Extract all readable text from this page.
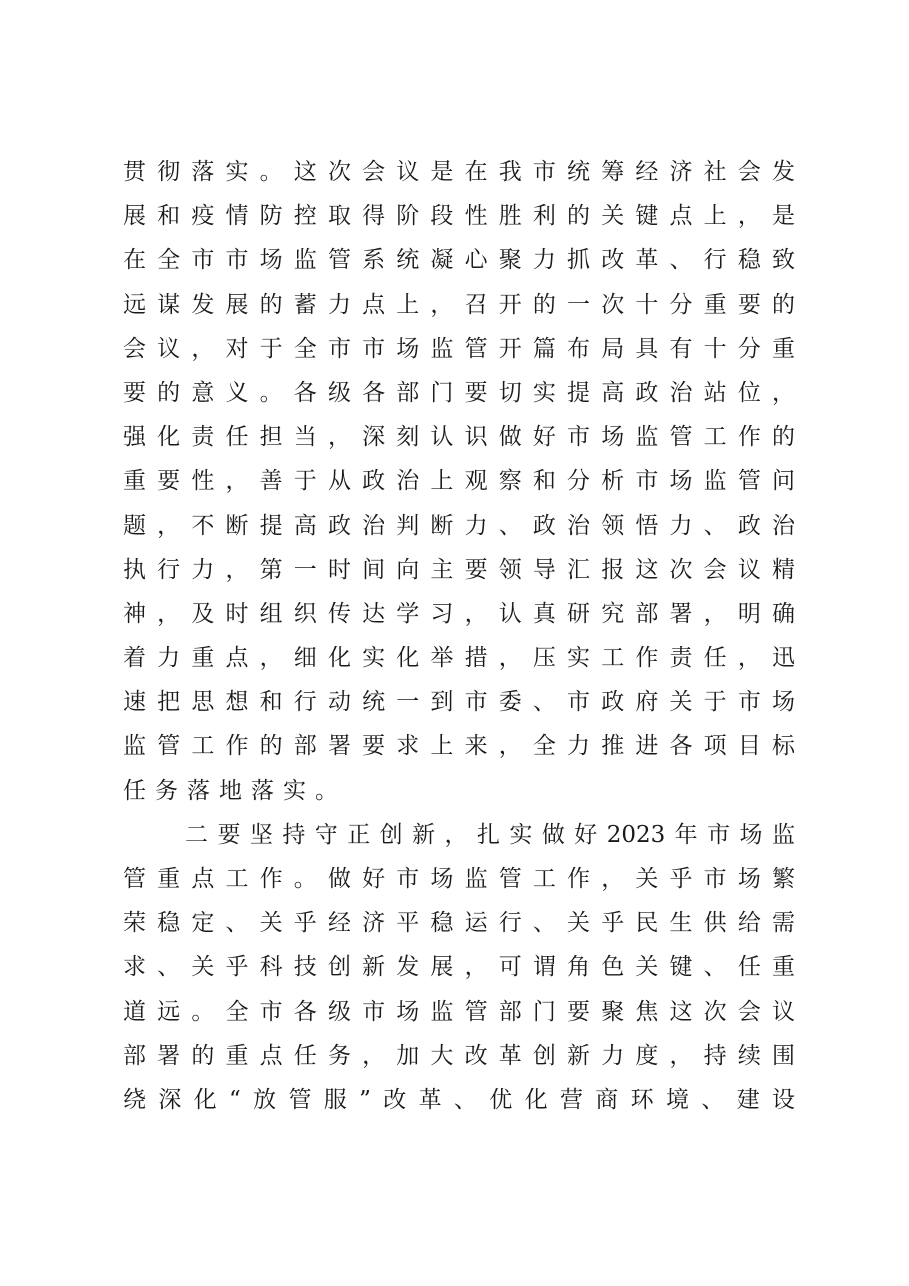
贯彻落实。这次会议是在我市统筹经济社会发
展和疫情防控取得阶段性胜利的关键点上，是
在全市市场监管系统凝心聚力抓改革、行稳致
远谋发展的蓄力点上，召开的一次十分重要的
会议，对于全市市场监管开篇布局具有十分重
要的意义。各级各部门要切实提高政治站位，
强化责任担当，深刻认识做好市场监管工作的
重要性，善于从政治上观察和分析市场监管问
题，不断提高政治判断力、政治领悟力、政治
执行力，第一时间向主要领导汇报这次会议精
神，及时组织传达学习，认真研究部署，明确
着力重点，细化实化举措，压实工作责任，迅
速把思想和行动统一到市委、市政府关于市场
监管工作的部署要求上来，全力推进各项目标
任务落地落实。
二要坚持守正创新，扎实做好2023年市场监
管重点工作。做好市场监管工作，关乎市场繁
荣稳定、关乎经济平稳运行、关乎民生供给需
求、关乎科技创新发展，可谓角色关键、任重
道远。全市各级市场监管部门要聚焦这次会议
部署的重点任务，加大改革创新力度，持续围
绕深化“放管服”改革、优化营商环境、建设
